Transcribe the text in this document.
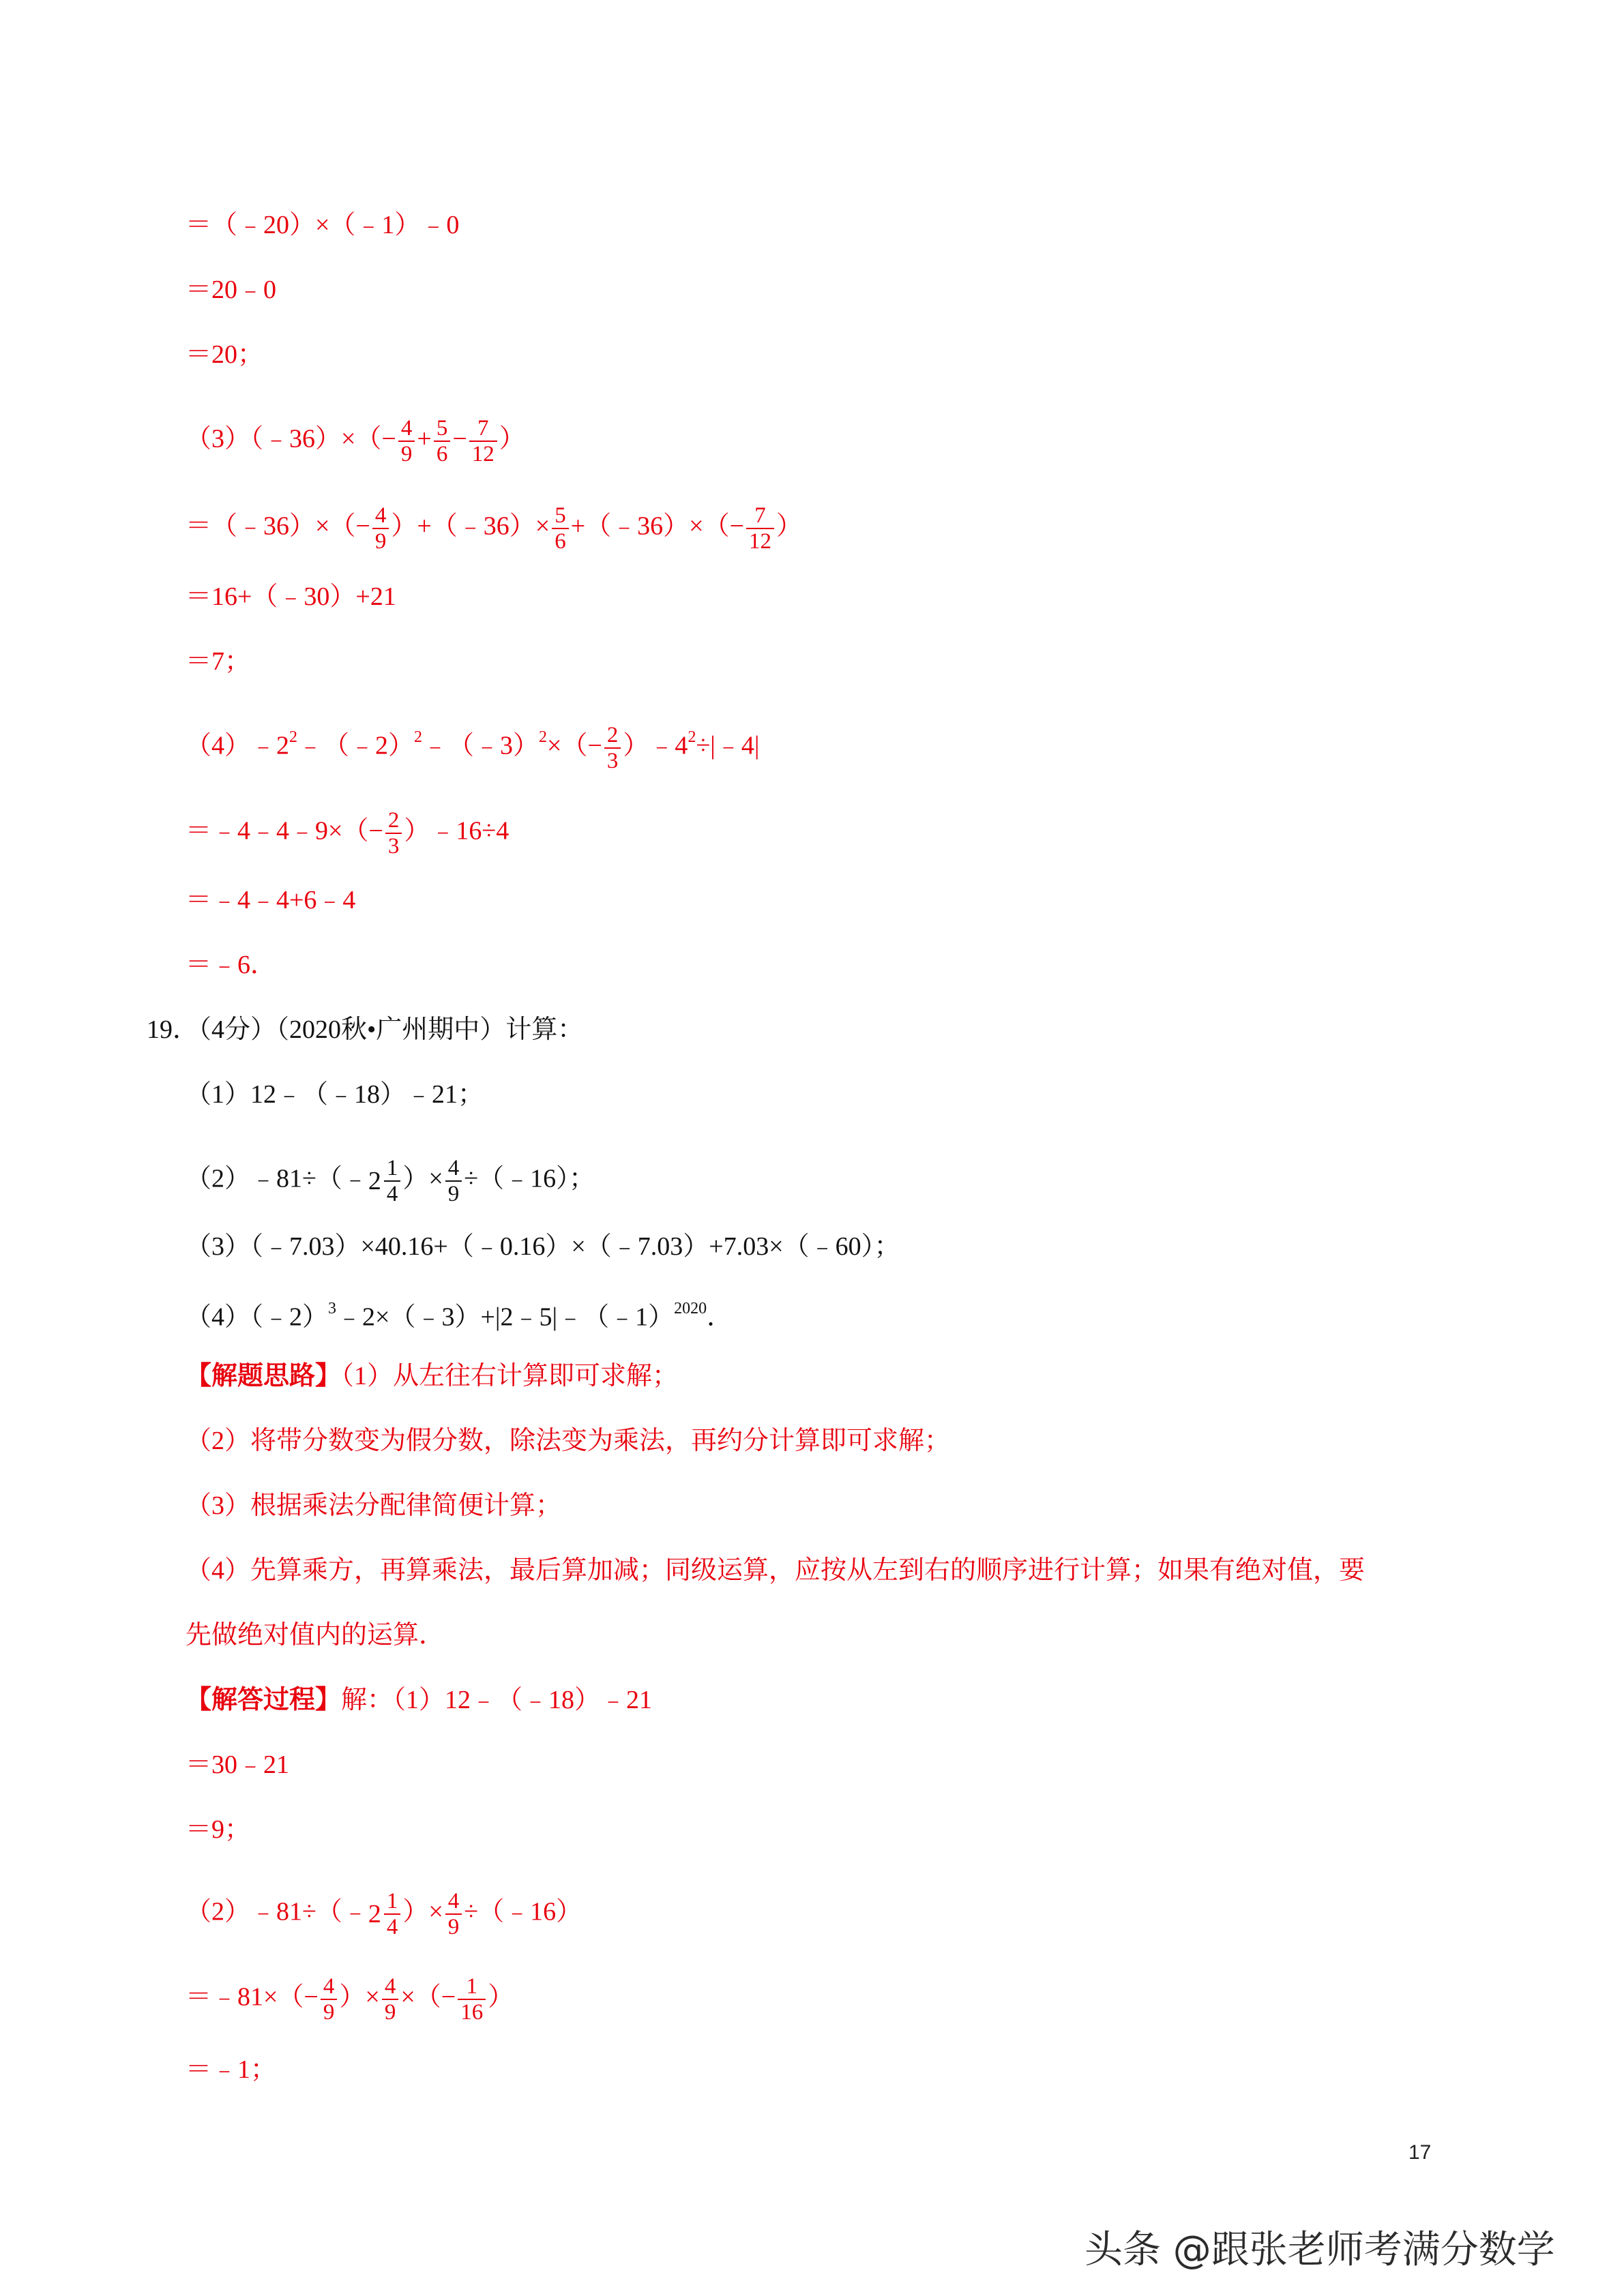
＝（﹣20）×（﹣1）﹣0
＝20﹣0
＝20；
（3）（﹣36）×（− $\frac{4}{9} + \frac{5}{6} - \frac{7}{12}$ ）
＝（﹣36）×（− $\frac{4}{9}$ ）+（﹣36）× $\frac{5}{6}$ +（﹣36）×（− $\frac{7}{12}$ ）
＝16+（﹣30）+21
＝7；
$(4)﹣2^2﹣(﹣2)^2﹣(﹣3)^2\times(- \frac{2}{3}$ ）$﹣4^2\div|﹣4|$
＝﹣4﹣4﹣9×（− $\frac{2}{3}$ ）﹣16÷4
＝﹣4﹣4+6﹣4
＝﹣6．
19．（4分）（2020秋•广州期中）计算：
（1）12﹣（﹣18）﹣21；
（2）﹣81÷（﹣ $2 \frac{1}{4}$ ）× $\frac{4}{9}$ ÷（﹣16）；
（3）（﹣7.03）×40.16+（﹣0.16）×（﹣7.03）+7.03×（﹣60）；
（4）（﹣2）$^3$﹣2×（﹣3）+|2﹣5|﹣（﹣1）$^{2020}$．
【解题思路】（1）从左往右计算即可求解；
（2）将带分数变为假分数，除法变为乘法，再约分计算即可求解；
（3）根据乘法分配律简便计算；
（4）先算乘方，再算乘法，最后算加减；同级运算，应按从左到右的顺序进行计算；如果有绝对值，要
先做绝对值内的运算．
【解答过程】解：（1）12﹣（﹣18）﹣21
＝30﹣21
＝9；
（2）﹣81÷（﹣ $2 \frac{1}{4}$ ）× $\frac{4}{9}$ ÷（﹣16）
＝﹣81×（− $\frac{4}{9}$ ）× $\frac{4}{9}$ ×（− $\frac{1}{16}$ ）
＝﹣1；
17
头条 @跟张老师考满分数学
